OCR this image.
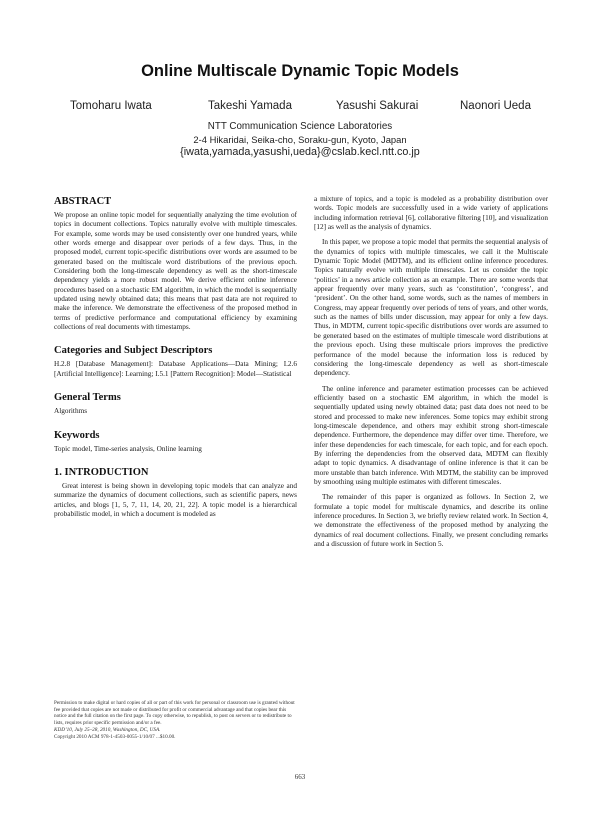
Online Multiscale Dynamic Topic Models
Tomoharu Iwata	Takeshi Yamada	Yasushi Sakurai	Naonori Ueda
NTT Communication Science Laboratories
2-4 Hikaridai, Seika-cho, Soraku-gun, Kyoto, Japan
{iwata,yamada,yasushi,ueda}@cslab.kecl.ntt.co.jp
ABSTRACT

We propose an online topic model for sequentially analyzing the time evolution of topics in document collections. Topics naturally evolve with multiple timescales. For example, some words may be used consistently over one hundred years, while other words emerge and disappear over periods of a few days. Thus, in the proposed model, current topic-specific distributions over words are assumed to be generated based on the multiscale word distributions of the previous epoch. Considering both the long-timescale dependency as well as the short-timescale dependency yields a more robust model. We derive efficient online inference procedures based on a stochastic EM algorithm, in which the model is sequentially updated using newly obtained data; this means that past data are not required to make the inference. We demonstrate the effectiveness of the proposed method in terms of predictive performance and computational efficiency by examining collections of real documents with timestamps.

Categories and Subject Descriptors

H.2.8 [Database Management]: Database Applications—Data Mining; I.2.6 [Artificial Intelligence]: Learning; I.5.1 [Pattern Recognition]: Model—Statistical

General Terms

Algorithms

Keywords

Topic model, Time-series analysis, Online learning

1. INTRODUCTION

Great interest is being shown in developing topic models that can analyze and summarize the dynamics of document collections, such as scientific papers, news articles, and blogs [1, 5, 7, 11, 14, 20, 21, 22]. A topic model is a hierarchical probabilistic model, in which a document is modeled as

a mixture of topics, and a topic is modeled as a probability distribution over words. Topic models are successfully used in a wide variety of applications including information retrieval [6], collaborative filtering [10], and visualization [12] as well as the analysis of dynamics.

In this paper, we propose a topic model that permits the sequential analysis of the dynamics of topics with multiple timescales, we call it the Multiscale Dynamic Topic Model (MDTM), and its efficient online inference procedures. Topics naturally evolve with multiple timescales. Let us consider the topic ‘politics’ in a news article collection as an example. There are some words that appear frequently over many years, such as ‘constitution’, ‘congress’, and ‘president’. On the other hand, some words, such as the names of members in Congress, may appear frequently over periods of tens of years, and other words, such as the names of bills under discussion, may appear for only a few days. Thus, in MDTM, current topic-specific distributions over words are assumed to be generated based on the estimates of multiple timescale word distributions at the previous epoch. Using these multiscale priors improves the predictive performance of the model because the information loss is reduced by considering the long-timescale dependency as well as short-timescale dependency.

The online inference and parameter estimation processes can be achieved efficiently based on a stochastic EM algorithm, in which the model is sequentially updated using newly obtained data; past data does not need to be stored and processed to make new inferences. Some topics may exhibit strong long-timescale dependence, and others may exhibit strong short-timescale dependence. Furthermore, the dependence may differ over time. Therefore, we infer these dependencies for each timescale, for each topic, and for each epoch. By inferring the dependencies from the observed data, MDTM can flexibly adapt to topic dynamics. A disadvantage of online inference is that it can be more unstable than batch inference. With MDTM, the stability can be improved by smoothing using multiple estimates with different timescales.

The remainder of this paper is organized as follows. In Section 2, we formulate a topic model for multiscale dynamics, and describe its online inference procedures. In Section 3, we briefly review related work. In Section 4, we demonstrate the effectiveness of the proposed method by analyzing the dynamics of real document collections. Finally, we present concluding remarks and a discussion of future work in Section 5.

Permission to make digital or hard copies of all or part of this work for personal or classroom use is granted without fee provided that copies are not made or distributed for profit or commercial advantage and that copies bear this notice and the full citation on the first page. To copy otherwise, to republish, to post on servers or to redistribute to lists, requires prior specific permission and/or a fee.

KDD’10, July 25–28, 2010, Washington, DC, USA.

Copyright 2010 ACM 978-1-4503-0055-1/10/07 ...$10.00.

663
